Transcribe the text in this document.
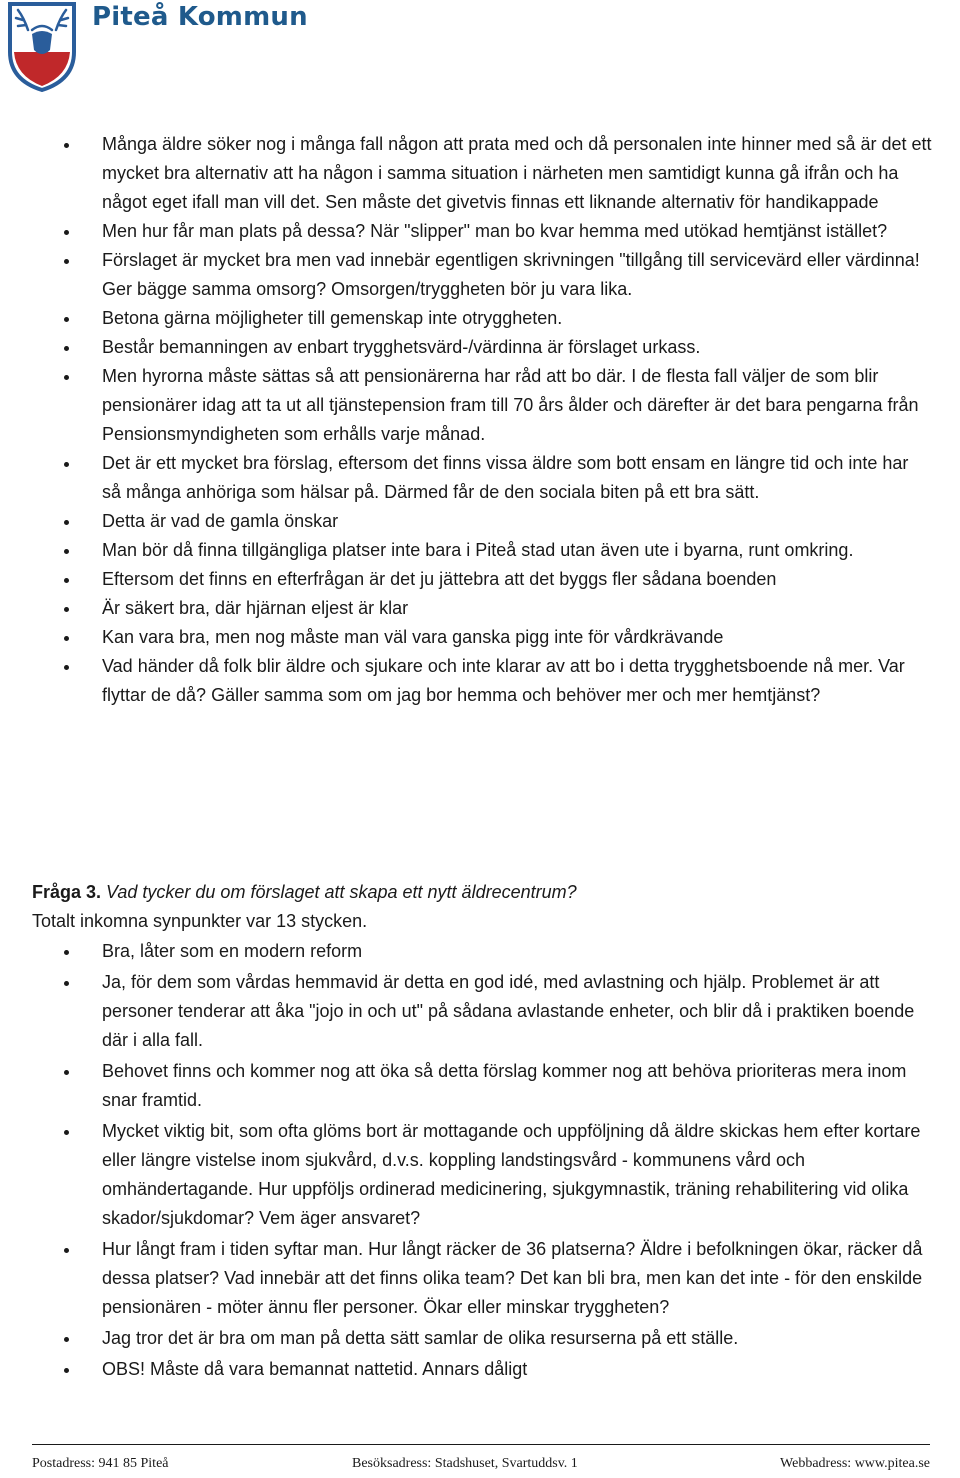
Piteå Kommun
Många äldre söker nog i många fall någon att prata med och då personalen inte hinner med så är det ett mycket bra alternativ att ha någon i samma situation i närheten men samtidigt kunna gå ifrån och ha något eget ifall man vill det. Sen måste det givetvis finnas ett liknande alternativ för handikappade
Men hur får man plats på dessa? När "slipper" man bo kvar hemma med utökad hemtjänst istället?
Förslaget är mycket bra men vad innebär egentligen skrivningen "tillgång till servicevärd eller värdinna! Ger bägge samma omsorg? Omsorgen/tryggheten bör ju vara lika.
Betona gärna möjligheter till gemenskap inte otryggheten.
Består bemanningen av enbart trygghetsvärd-/värdinna är förslaget urkass.
Men hyrorna måste sättas så att pensionärerna har råd att bo där. I de flesta fall väljer de som blir pensionärer idag att ta ut all tjänstepension fram till 70 års ålder och därefter är det bara pengarna från Pensionsmyndigheten som erhålls varje månad.
Det är ett mycket bra förslag, eftersom det finns vissa äldre som bott ensam en längre tid och inte har så många anhöriga som hälsar på. Därmed får de den sociala biten på ett bra sätt.
Detta är vad de gamla önskar
Man bör då finna tillgängliga platser inte bara i Piteå stad utan även ute i byarna, runt omkring.
Eftersom det finns en efterfrågan är det ju jättebra att det byggs fler sådana boenden
Är säkert bra, där hjärnan eljest är klar
Kan vara bra, men nog måste man väl vara ganska pigg inte för vårdkrävande
Vad händer då folk blir äldre och sjukare och inte klarar av att bo i detta trygghetsboende nå mer. Var flyttar de då? Gäller samma som om jag bor hemma och behöver mer och mer hemtjänst?
Fråga 3. Vad tycker du om förslaget att skapa ett nytt äldrecentrum?
Totalt inkomna synpunkter var 13 stycken.
Bra, låter som en modern reform
Ja, för dem som vårdas hemmavid är detta en god idé, med avlastning och hjälp. Problemet är att personer tenderar att åka "jojo in och ut" på sådana avlastande enheter, och blir då i praktiken boende där i alla fall.
Behovet finns och kommer nog att öka så detta förslag kommer nog att behöva prioriteras mera inom snar framtid.
Mycket viktig bit, som ofta glöms bort är mottagande och uppföljning då äldre skickas hem efter kortare eller längre vistelse inom sjukvård, d.v.s. koppling landstingsvård - kommunens vård och omhändertagande. Hur uppföljs ordinerad medicinering, sjukgymnastik, träning rehabilitering vid olika skador/sjukdomar? Vem äger ansvaret?
Hur långt fram i tiden syftar man. Hur långt räcker de 36 platserna? Äldre i befolkningen ökar, räcker då dessa platser? Vad innebär att det finns olika team? Det kan bli bra, men kan det inte - för den enskilde pensionären - möter ännu fler personer. Ökar eller minskar tryggheten?
Jag tror det är bra om man på detta sätt samlar de olika resurserna på ett ställe.
OBS! Måste då vara bemannat nattetid. Annars dåligt
Postadress: 941 85 Piteå	Besöksadress: Stadshuset, Svartuddsv. 1	Webbadress: www.pitea.se
